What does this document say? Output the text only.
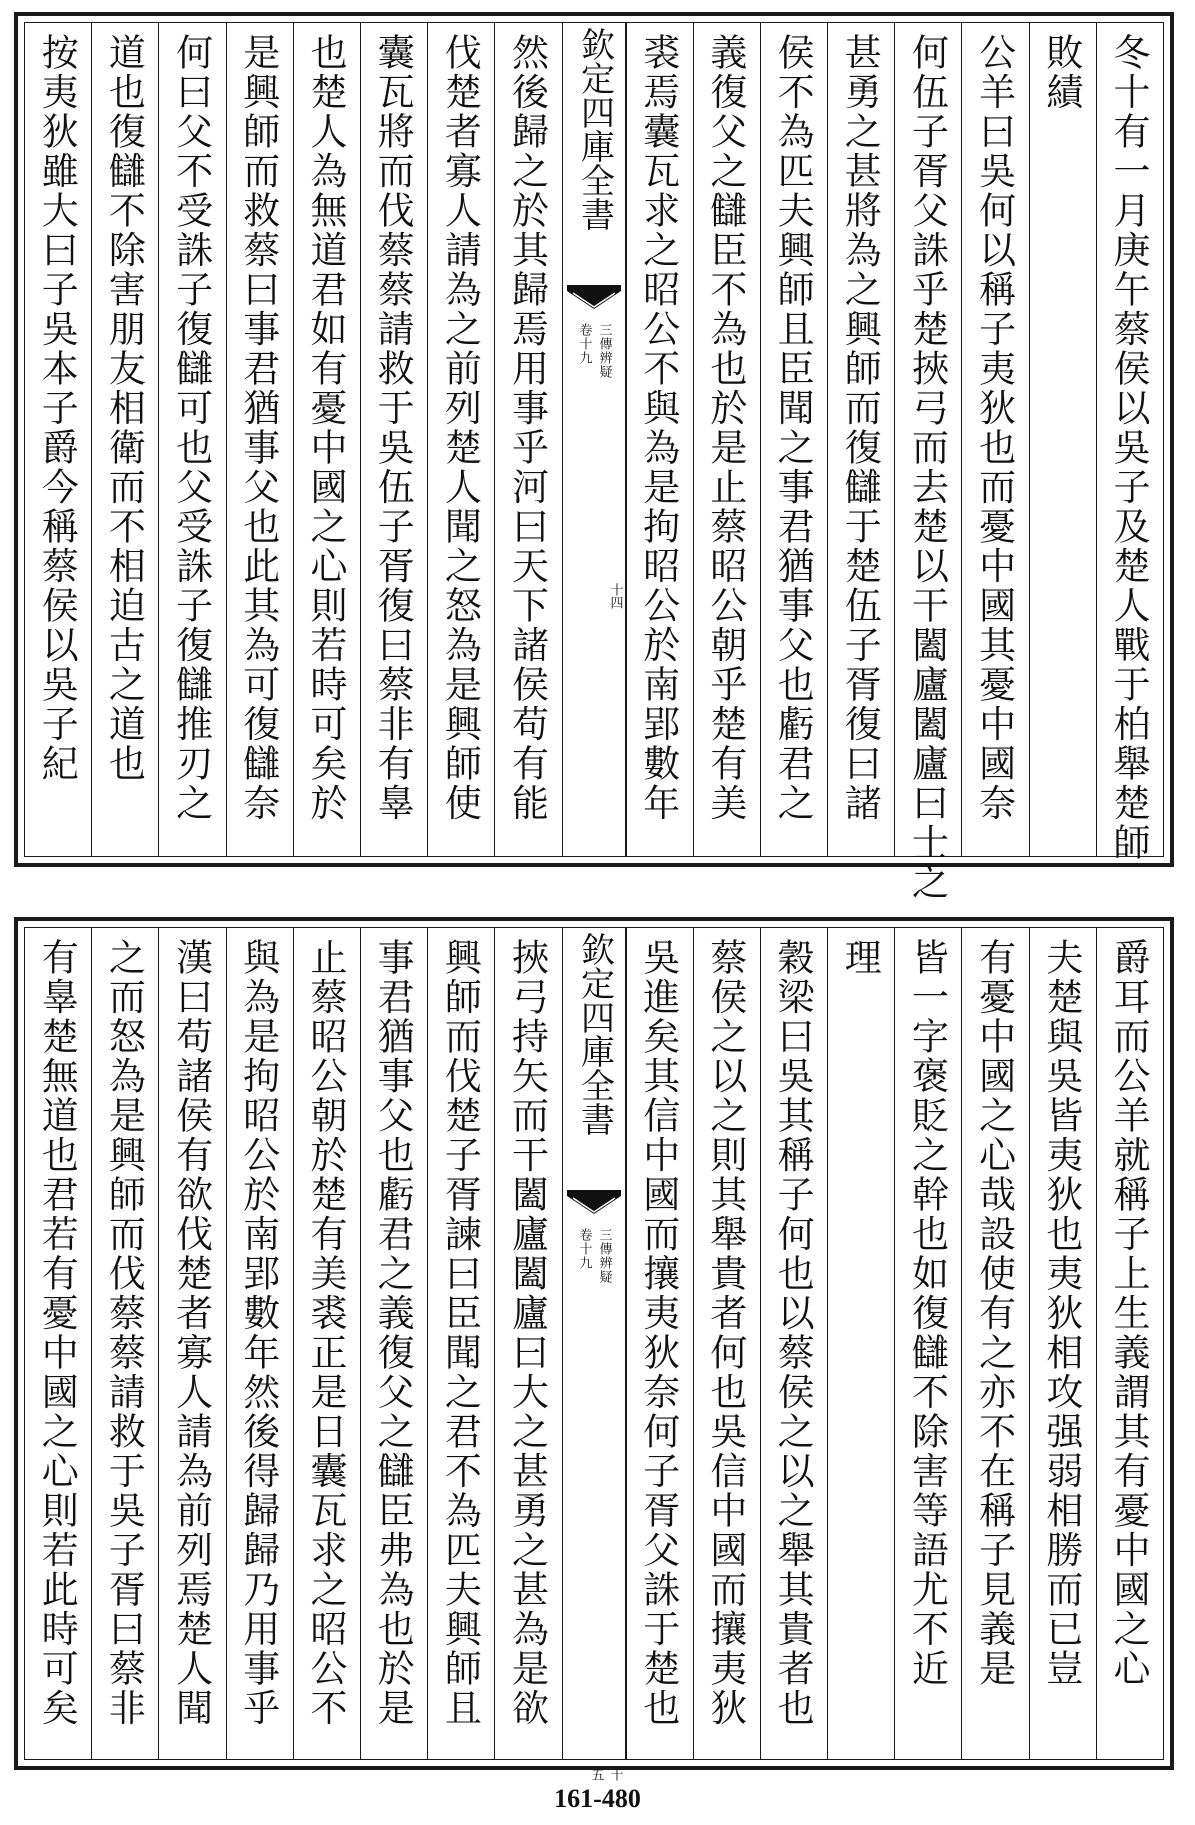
冬十有一月庚午蔡侯以吳子及楚人戰于柏舉楚師
敗績
公羊曰吳何以稱子夷狄也而憂中國其憂中國奈
何伍子胥父誅乎楚挾弓而去楚以干闔廬闔廬曰士之
甚勇之甚將為之興師而復讎于楚伍子胥復曰諸
侯不為匹夫興師且臣聞之事君猶事父也虧君之
義復父之讎臣不為也於是止蔡昭公朝乎楚有美
裘焉囊瓦求之昭公不與為是拘昭公於南郢數年
欽定四庫全書
三傳辨疑
卷十九
十四
然後歸之於其歸焉用事乎河曰天下諸侯苟有能
伐楚者寡人請為之前列楚人聞之怒為是興師使
囊瓦將而伐蔡蔡請救于吳伍子胥復曰蔡非有辠
也楚人為無道君如有憂中國之心則若時可矣於
是興師而救蔡曰事君猶事父也此其為可復讎奈
何曰父不受誅子復讎可也父受誅子復讎推刃之
道也復讎不除害朋友相衛而不相迫古之道也
按夷狄雖大曰子吳本子爵今稱蔡侯以吳子紀
爵耳而公羊就稱子上生義謂其有憂中國之心
夫楚與吳皆夷狄也夷狄相攻强弱相勝而已豈
有憂中國之心哉設使有之亦不在稱子見義是
皆一字褒貶之幹也如復讎不除害等語尤不近
理
穀梁曰吳其稱子何也以蔡侯之以之舉其貴者也
蔡侯之以之則其舉貴者何也吳信中國而攘夷狄
吳進矣其信中國而攘夷狄奈何子胥父誅于楚也
欽定四庫全書
三傳辨疑
卷十九
十五
挾弓持矢而干闔廬闔廬曰大之甚勇之甚為是欲
興師而伐楚子胥諫曰臣聞之君不為匹夫興師且
事君猶事父也虧君之義復父之讎臣弗為也於是
止蔡昭公朝於楚有美裘正是日囊瓦求之昭公不
與為是拘昭公於南郢數年然後得歸歸乃用事乎
漢曰苟諸侯有欲伐楚者寡人請為前列焉楚人聞
之而怒為是興師而伐蔡蔡請救于吳子胥曰蔡非
有辠楚無道也君若有憂中國之心則若此時可矣
161-480
